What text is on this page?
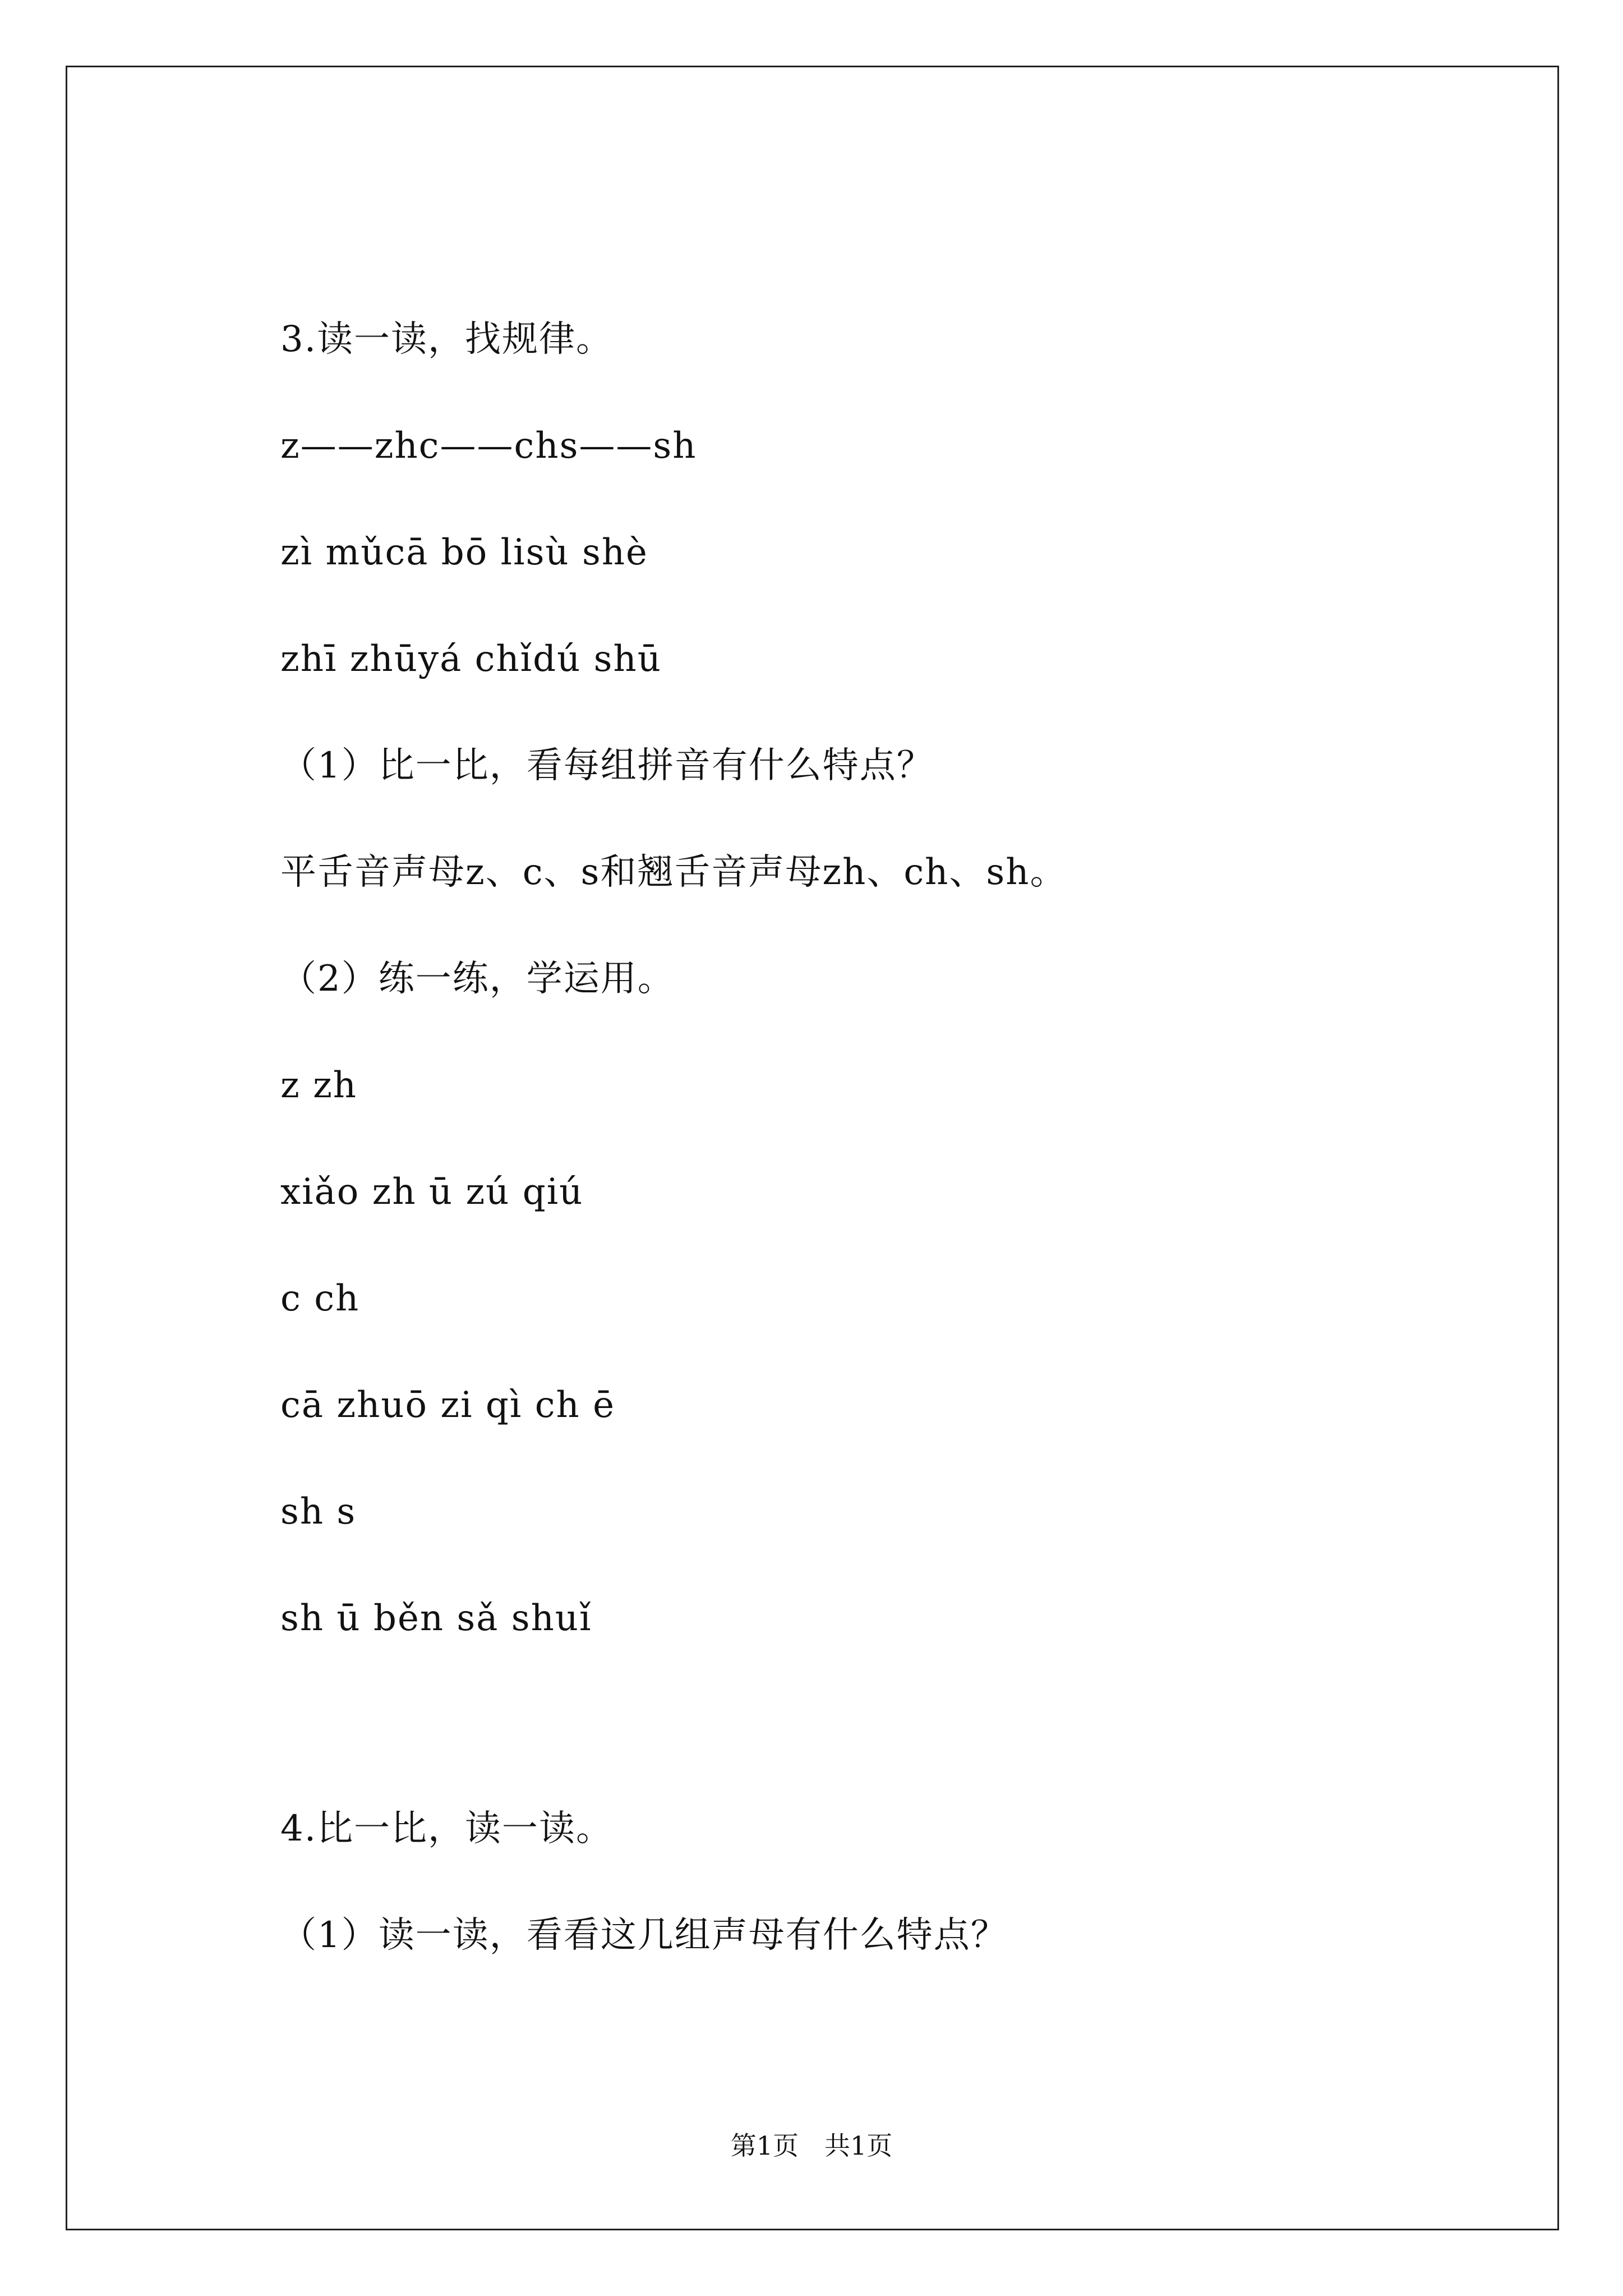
3.读一读，找规律。
z——zhc——chs——sh
zì mǔcā bō lisù shè
zhī zhūyá chǐdú shū
（1）比一比，看每组拼音有什么特点？
平舌音声母z、c、s和翘舌音声母zh、ch、sh。
（2）练一练，学运用。
z zh
xiǎo zh ū zú qiú
c ch
cā zhuō zi qì ch ē
sh s
sh ū běn sǎ shuǐ
4.比一比，读一读。
（1）读一读，看看这几组声母有什么特点？
第1页　共1页
